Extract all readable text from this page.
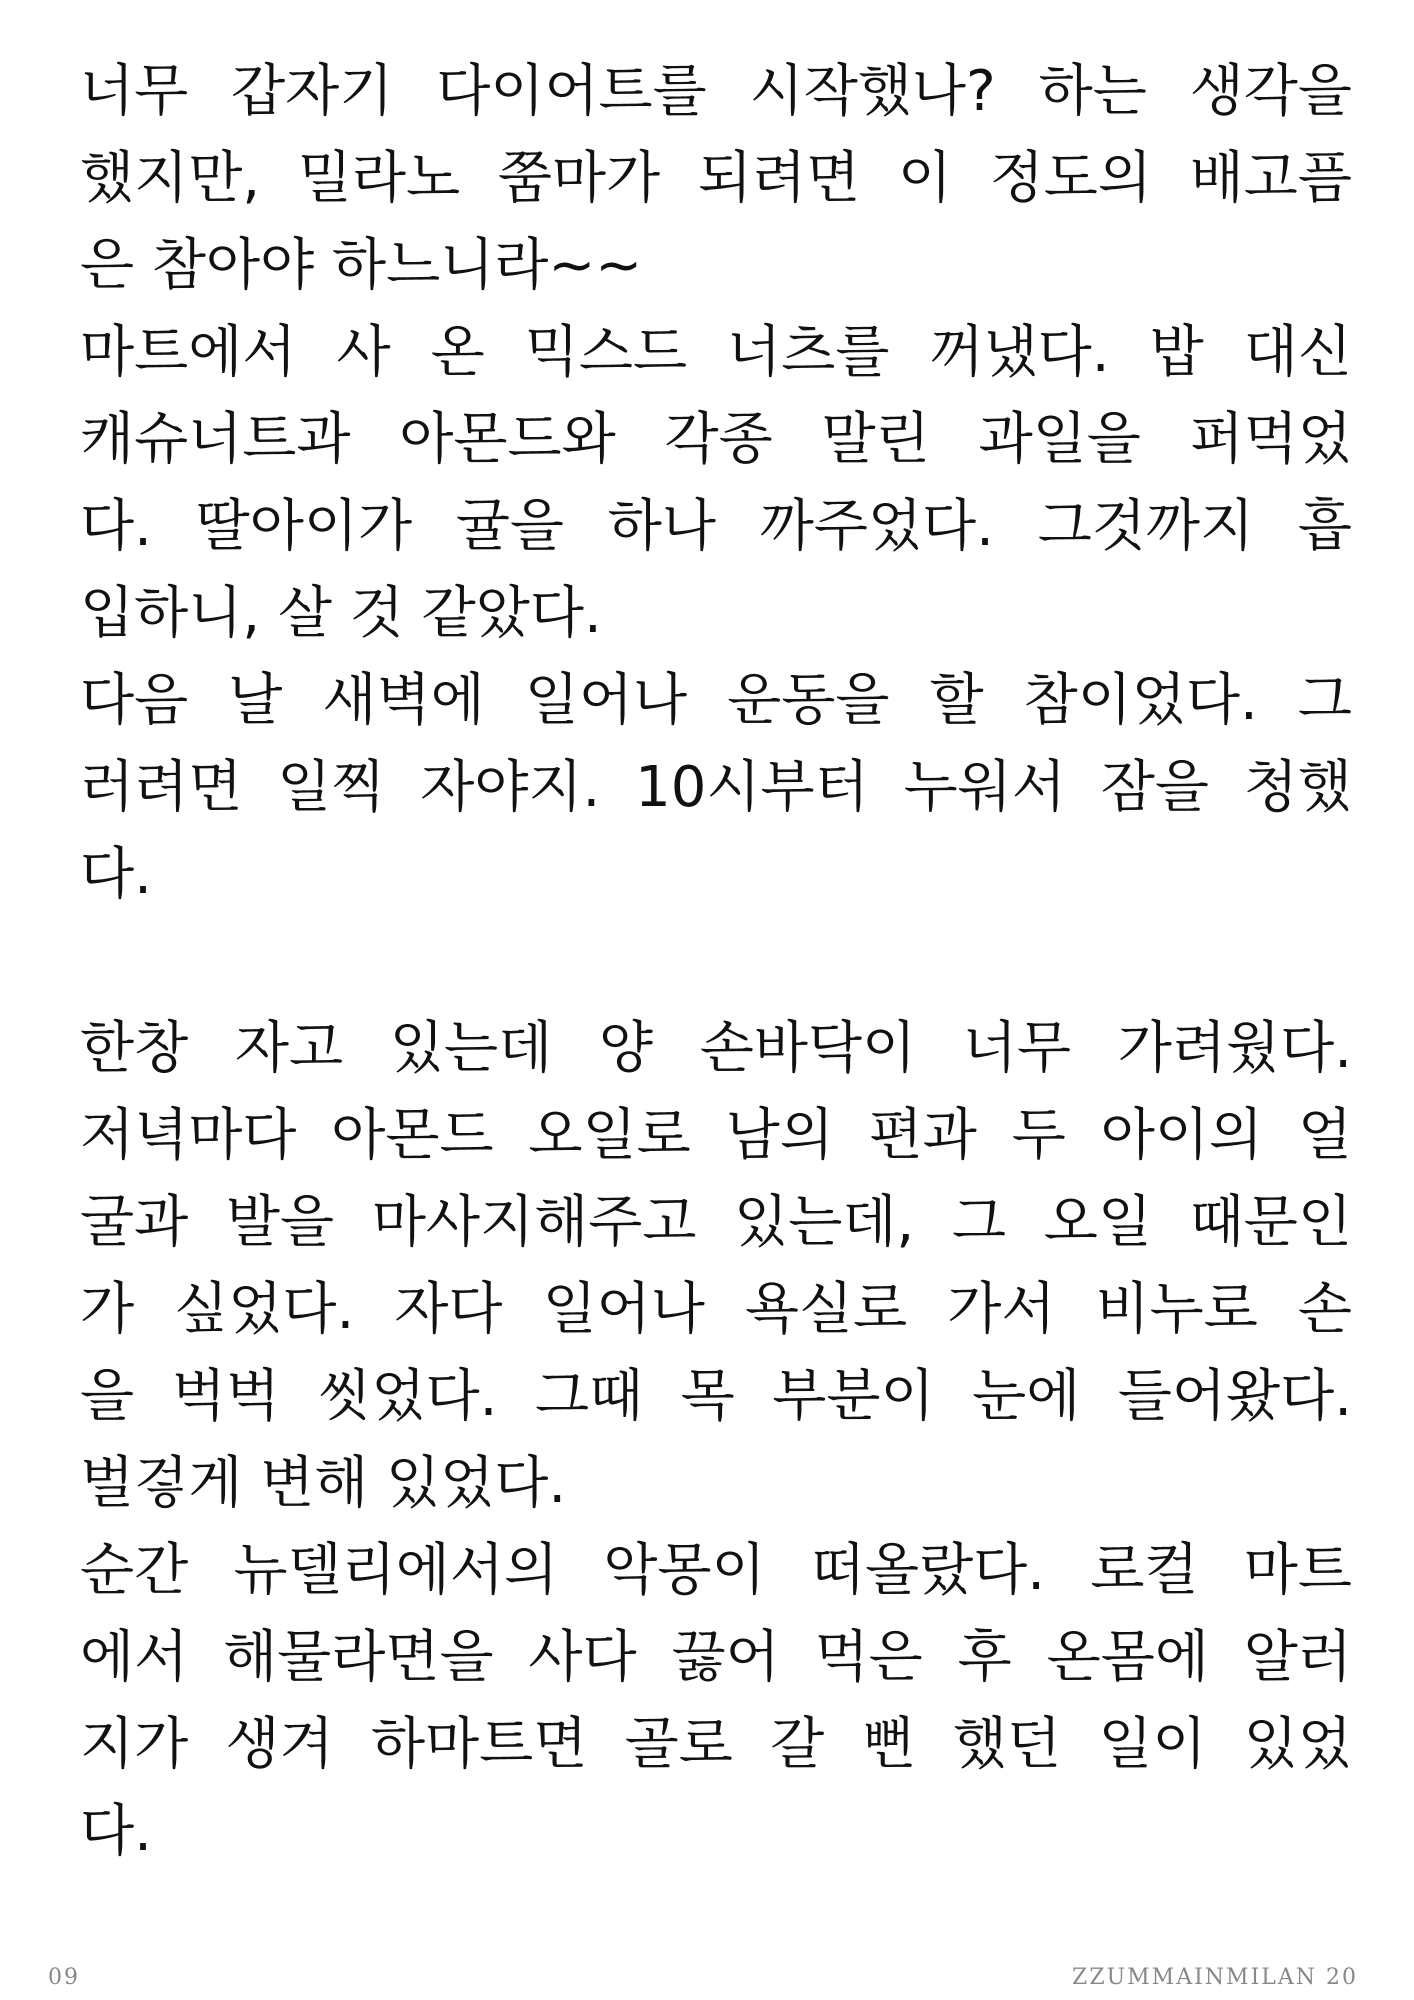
너무 갑자기 다이어트를 시작했나? 하는 생각을
했지만, 밀라노 쭘마가 되려면 이 정도의 배고픔
은 참아야 하느니라~~
마트에서 사 온 믹스드 너츠를 꺼냈다. 밥 대신
캐슈너트과 아몬드와 각종 말린 과일을 퍼먹었
다. 딸아이가 귤을 하나 까주었다. 그것까지 흡
입하니, 살 것 같았다.
다음 날 새벽에 일어나 운동을 할 참이었다. 그
러려면 일찍 자야지. 10시부터 누워서 잠을 청했
다.
한창 자고 있는데 양 손바닥이 너무 가려웠다.
저녁마다 아몬드 오일로 남의 편과 두 아이의 얼
굴과 발을 마사지해주고 있는데, 그 오일 때문인
가 싶었다. 자다 일어나 욕실로 가서 비누로 손
을 벅벅 씻었다. 그때 목 부분이 눈에 들어왔다.
벌겋게 변해 있었다.
순간 뉴델리에서의 악몽이 떠올랐다. 로컬 마트
에서 해물라면을 사다 끓어 먹은 후 온몸에 알러
지가 생겨 하마트면 골로 갈 뻔 했던 일이 있었
다.
09	ZZUMMAINMILAN 20
